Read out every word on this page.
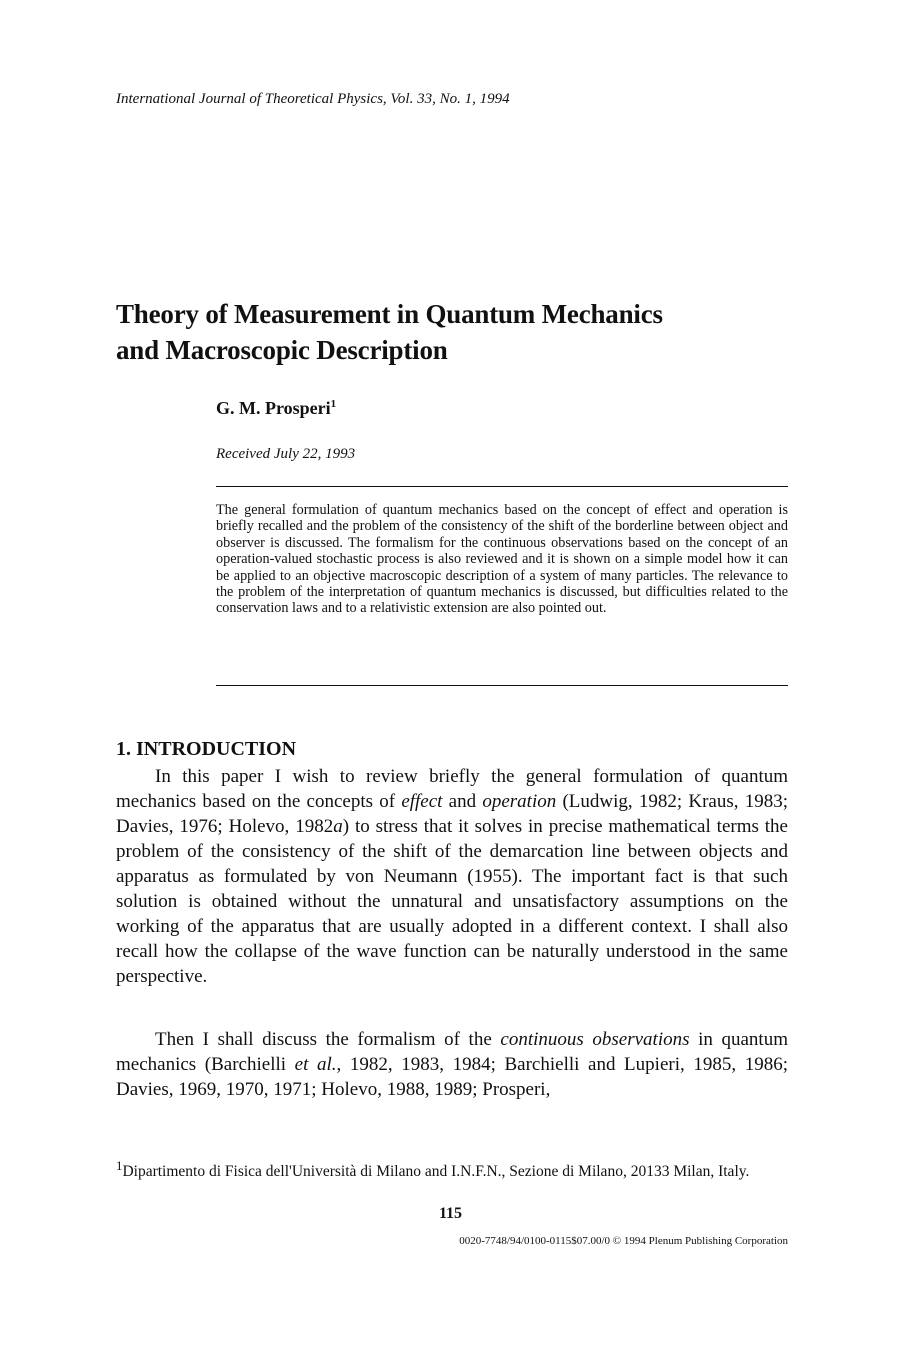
International Journal of Theoretical Physics, Vol. 33, No. 1, 1994
Theory of Measurement in Quantum Mechanics
and Macroscopic Description
G. M. Prosperi$^1$
Received July 22, 1993
The general formulation of quantum mechanics based on the concept of effect and operation is briefly recalled and the problem of the consistency of the shift of the borderline between object and observer is discussed. The formalism for the continuous observations based on the concept of an operation-valued stochastic process is also reviewed and it is shown on a simple model how it can be applied to an objective macroscopic description of a system of many particles. The relevance to the problem of the interpretation of quantum mechanics is discussed, but difficulties related to the conservation laws and to a relativistic extension are also pointed out.
1. INTRODUCTION
In this paper I wish to review briefly the general formulation of quantum mechanics based on the concepts of effect and operation (Ludwig, 1982; Kraus, 1983; Davies, 1976; Holevo, 1982a) to stress that it solves in precise mathematical terms the problem of the consistency of the shift of the demarcation line between objects and apparatus as formulated by von Neumann (1955). The important fact is that such solution is obtained without the unnatural and unsatisfactory assumptions on the working of the apparatus that are usually adopted in a different context. I shall also recall how the collapse of the wave function can be naturally understood in the same perspective.
Then I shall discuss the formalism of the continuous observations in quantum mechanics (Barchielli et al., 1982, 1983, 1984; Barchielli and Lupieri, 1985, 1986; Davies, 1969, 1970, 1971; Holevo, 1988, 1989; Prosperi,
$^1$Dipartimento di Fisica dell'Università di Milano and I.N.F.N., Sezione di Milano, 20133 Milan, Italy.
115
0020-7748/94/0100-0115$07.00/0 © 1994 Plenum Publishing Corporation
